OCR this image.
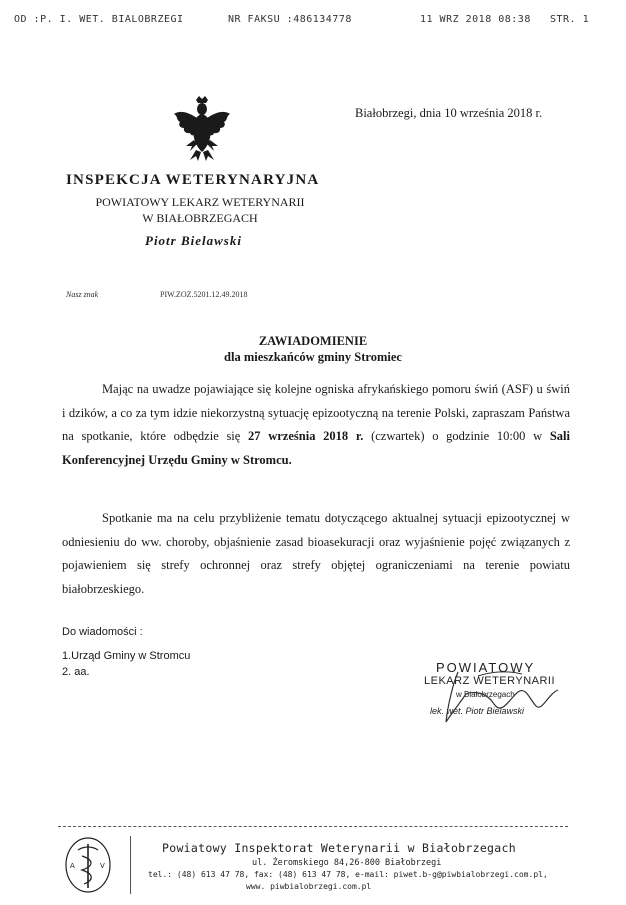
OD :P. I. WET. BIALOBRZEGI	NR FAKSU :486134778	11 WRZ 2018 08:38 STR. 1
Białobrzegi, dnia 10 września 2018 r.
INSPEKCJA WETERYNARYJNA
POWIATOWY LEKARZ WETERYNARII
W BIAŁOBRZEGACH
Piotr Bielawski
Nasz znak	PIW.ZOZ.5201.12.49.2018
ZAWIADOMIENIE
dla mieszkańców gminy Stromiec
Mając na uwadze pojawiające się kolejne ogniska afrykańskiego pomoru świń (ASF) u świń i dzików, a co za tym idzie niekorzystną sytuację epizootyczną na terenie Polski, zapraszam Państwa na spotkanie, które odbędzie się 27 września 2018 r. (czwartek) o godzinie 10:00 w Sali Konferencyjnej Urzędu Gminy w Stromcu.
Spotkanie ma na celu przybliżenie tematu dotyczącego aktualnej sytuacji epizootycznej w odniesieniu do ww. choroby, objaśnienie zasad bioasekuracji oraz wyjaśnienie pojęć związanych z pojawieniem się strefy ochronnej oraz strefy objętej ograniczeniami na terenie powiatu białobrzeskiego.
Do wiadomości :
1.Urząd Gminy w Stromcu
2. aa.	POWIATOWY
LEKARZ WETERYNARII
w Białobrzegach
lek. wet. Piotr Bielawski
A	V
Powiatowy Inspektorat Weterynarii w Białobrzegach
ul. Żeromskiego 84,26-800 Białobrzegi
tel.: (48) 613 47 78, fax: (48) 613 47 78, e-mail: piwet.b-g@piwbialobrzegi.com.pl,
www. piwbialobrzegi.com.pl
